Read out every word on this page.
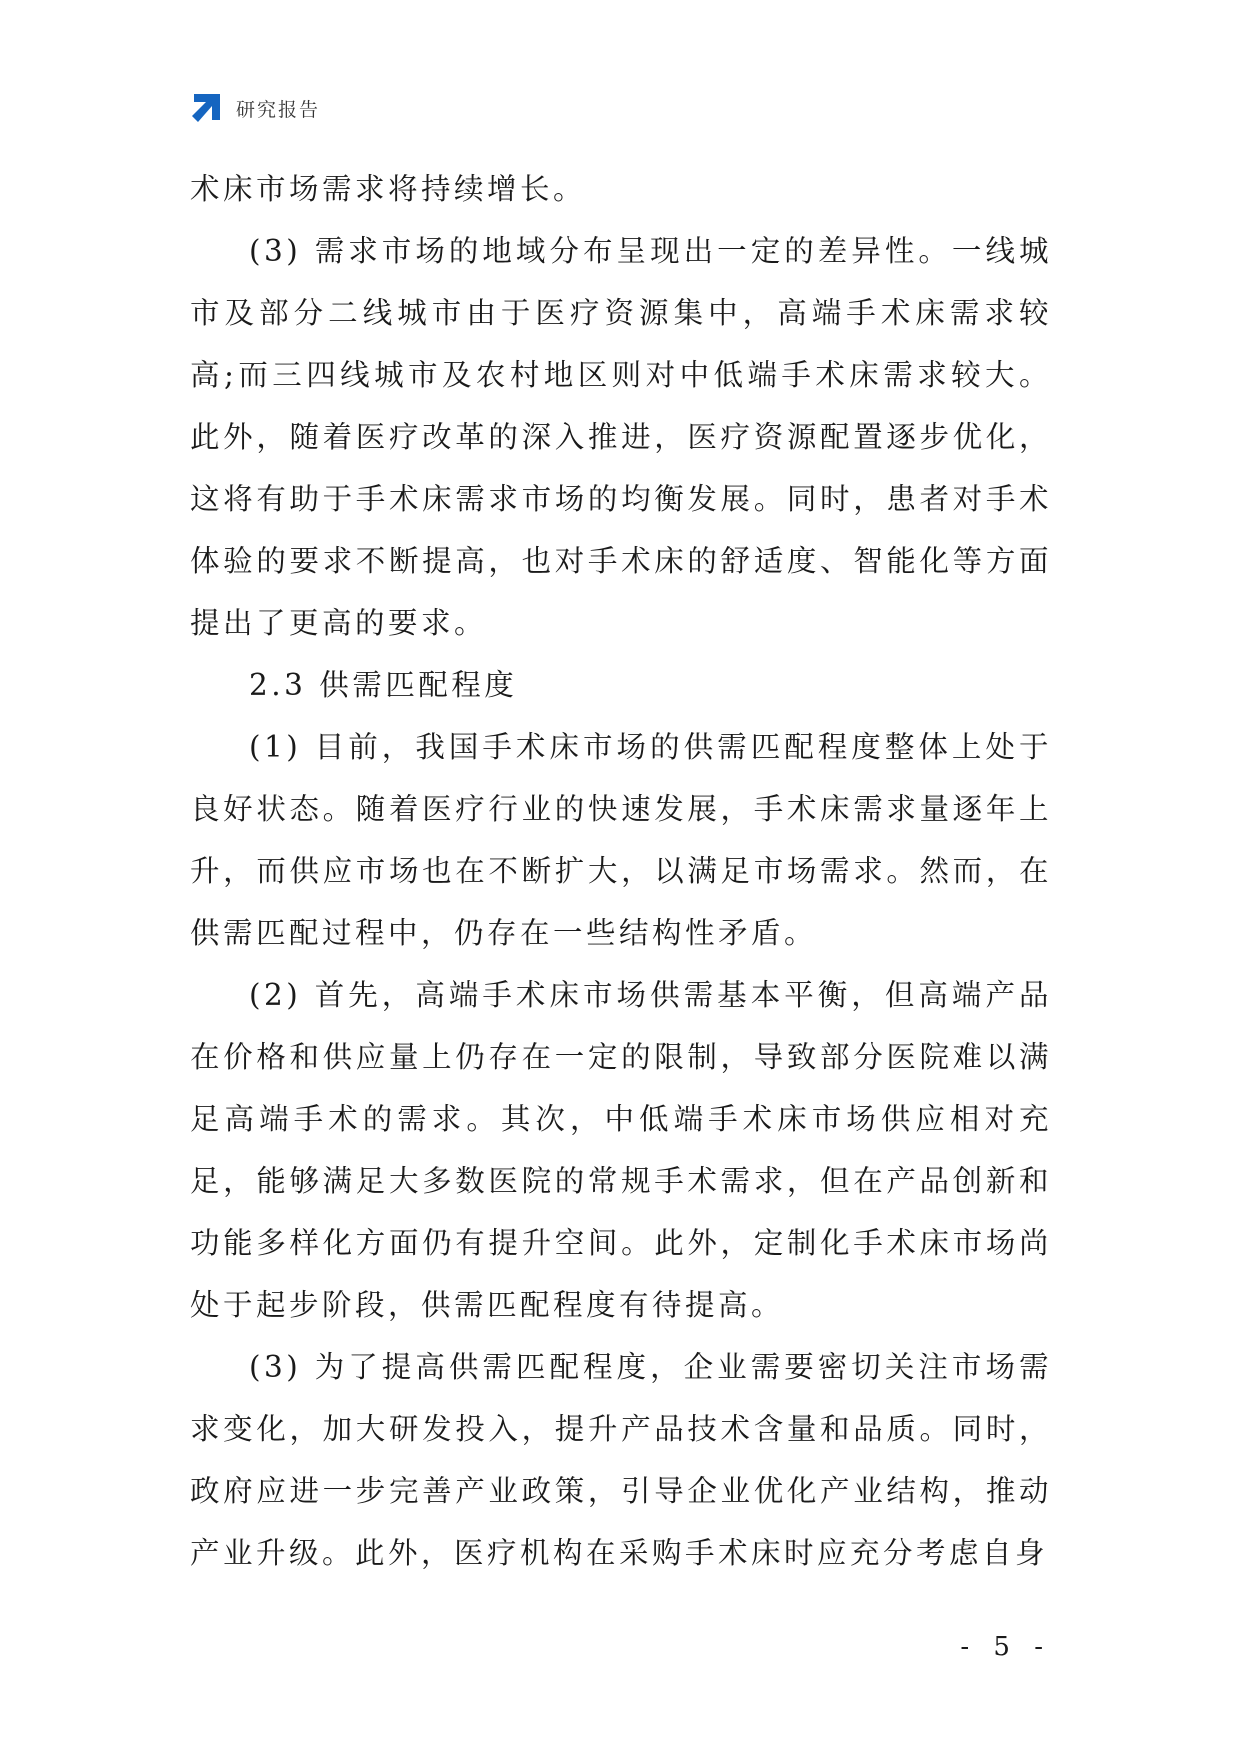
研究报告

术床市场需求将持续增长。

(3) 需求市场的地域分布呈现出一定的差异性。一线城市及部分二线城市由于医疗资源集中，高端手术床需求较高;而三四线城市及农村地区则对中低端手术床需求较大。此外，随着医疗改革的深入推进，医疗资源配置逐步优化，这将有助于手术床需求市场的均衡发展。同时，患者对手术体验的要求不断提高，也对手术床的舒适度、智能化等方面提出了更高的要求。

2.3 供需匹配程度

(1) 目前，我国手术床市场的供需匹配程度整体上处于良好状态。随着医疗行业的快速发展，手术床需求量逐年上升，而供应市场也在不断扩大，以满足市场需求。然而，在供需匹配过程中，仍存在一些结构性矛盾。

(2) 首先，高端手术床市场供需基本平衡，但高端产品在价格和供应量上仍存在一定的限制，导致部分医院难以满足高端手术的需求。其次，中低端手术床市场供应相对充足，能够满足大多数医院的常规手术需求，但在产品创新和功能多样化方面仍有提升空间。此外，定制化手术床市场尚处于起步阶段，供需匹配程度有待提高。

(3) 为了提高供需匹配程度，企业需要密切关注市场需求变化，加大研发投入，提升产品技术含量和品质。同时，政府应进一步完善产业政策，引导企业优化产业结构，推动产业升级。此外，医疗机构在采购手术床时应充分考虑自身

- 5 -
